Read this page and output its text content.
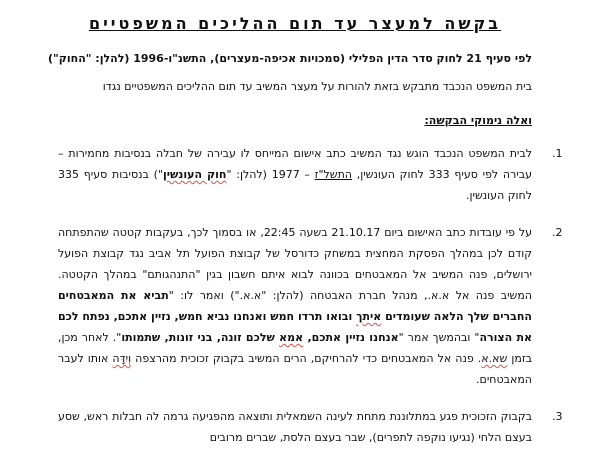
בקשה למעצר עד תום ההליכים המשפטיים
לפי סעיף 21 לחוק סדר הדין הפלילי (סמכויות אכיפה-מעצרים), התשנ"ו-1996 (להלן: "החוק")
בית המשפט הנכבד מתבקש בזאת להורות על מעצר המשיב עד תום ההליכים המשפטיים נגדו
ואלה נימוקי הבקשה:
1.
לבית המשפט הנכבד הוגש נגד המשיב כתב אישום המייחס לו עבירה של חבלה בנסיבות מחמירות – עבירה לפי סעיף 333 לחוק העונשין, התשל"ז – 1977 (להלן: "חוק העונשין") בנסיבות סעיף 335 לחוק העונשין.
2.
על פי עובדות כתב האישום ביום 21.10.17 בשעה 22:45, או בסמוך לכך, בעקבות קטטה שהתפתחה קודם לכן במהלך הפסקת המחצית במשחק כדורסל של קבוצת הפועל תל אביב נגד קבוצת הפועל ירושלים, פנה המשיב אל המאבטחים בכוונה לבוא איתם חשבון בגין "התנהגותם" במהלך הקטטה. המשיב פנה אל א.א., מנהל חברת האבטחה (להלן: "א.א.") ואמר לו: "תביא את המאבטחים החברים שלך הלאה שעומדים איתך ובואו תרדו חמש ואנחנו נביא חמש, נזיין אתכם, נפתח לכם את הצורה" ובהמשך אמר "אנחנו נזיין אתכם, אמא שלכם זונה, בני זונות, שתמותו". לאחר מכן, בזמן שא.א. פנה אל המאבטחים כדי להרחיקם, הרים המשיב בקבוק זכוכית מהרצפה וְיִדָּה אותו לעבר המאבטחים.
3.
בקבוק הזכוכית פגע במתלוננת מתחת לעינה השמאלית ותוצאה מהפגיעה גרמה לה חבלות ראש, שסע בעצם הלחי (נגיעו נוקפה לתפרים), שבר בעצם הלסת, שברים מרובים
